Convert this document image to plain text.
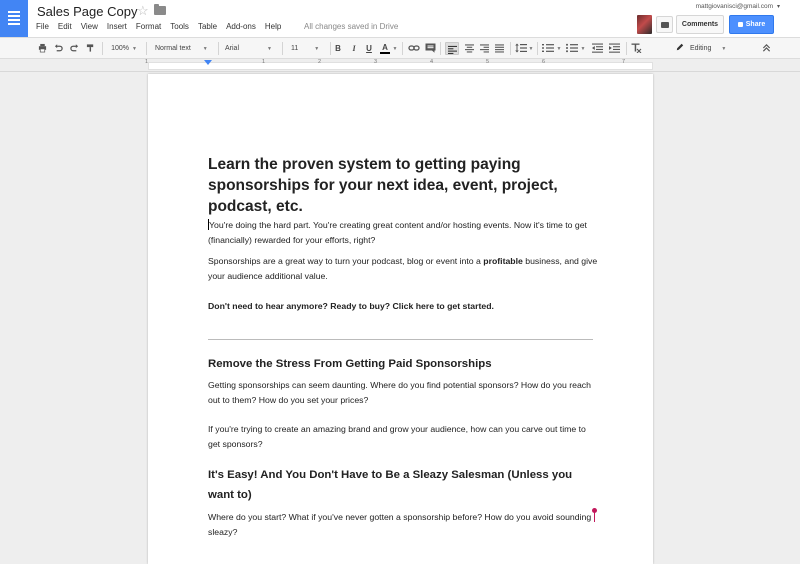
Sales Page Copy ☆
File Edit View Insert Format Tools Table Add-ons Help	All changes saved in Drive
mattgiovanisci@gmail.com ▾
Comments	Share
100% ▼	Normal text ▼	Arial	▼	11	▼	B	I	U A ▼	▼	▼	▼	Editing ▼
1	1	2	3	4	5	6	7
Learn the proven system to getting paying sponsorships for your next idea, event, project, podcast, etc.
You're doing the hard part. You're creating great content and/or hosting events. Now it's time to get (financially) rewarded for your efforts, right?
Sponsorships are a great way to turn your podcast, blog or event into a profitable business, and give your audience additional value.
Don't need to hear anymore? Ready to buy? Click here to get started.
Remove the Stress From Getting Paid Sponsorships
Getting sponsorships can seem daunting. Where do you find potential sponsors? How do you reach out to them? How do you set your prices?
If you're trying to create an amazing brand and grow your audience, how can you carve out time to get sponsors?
It's Easy! And You Don't Have to Be a Sleazy Salesman (Unless you want to)
Where do you start? What if you've never gotten a sponsorship before? How do you avoid sounding sleazy?
